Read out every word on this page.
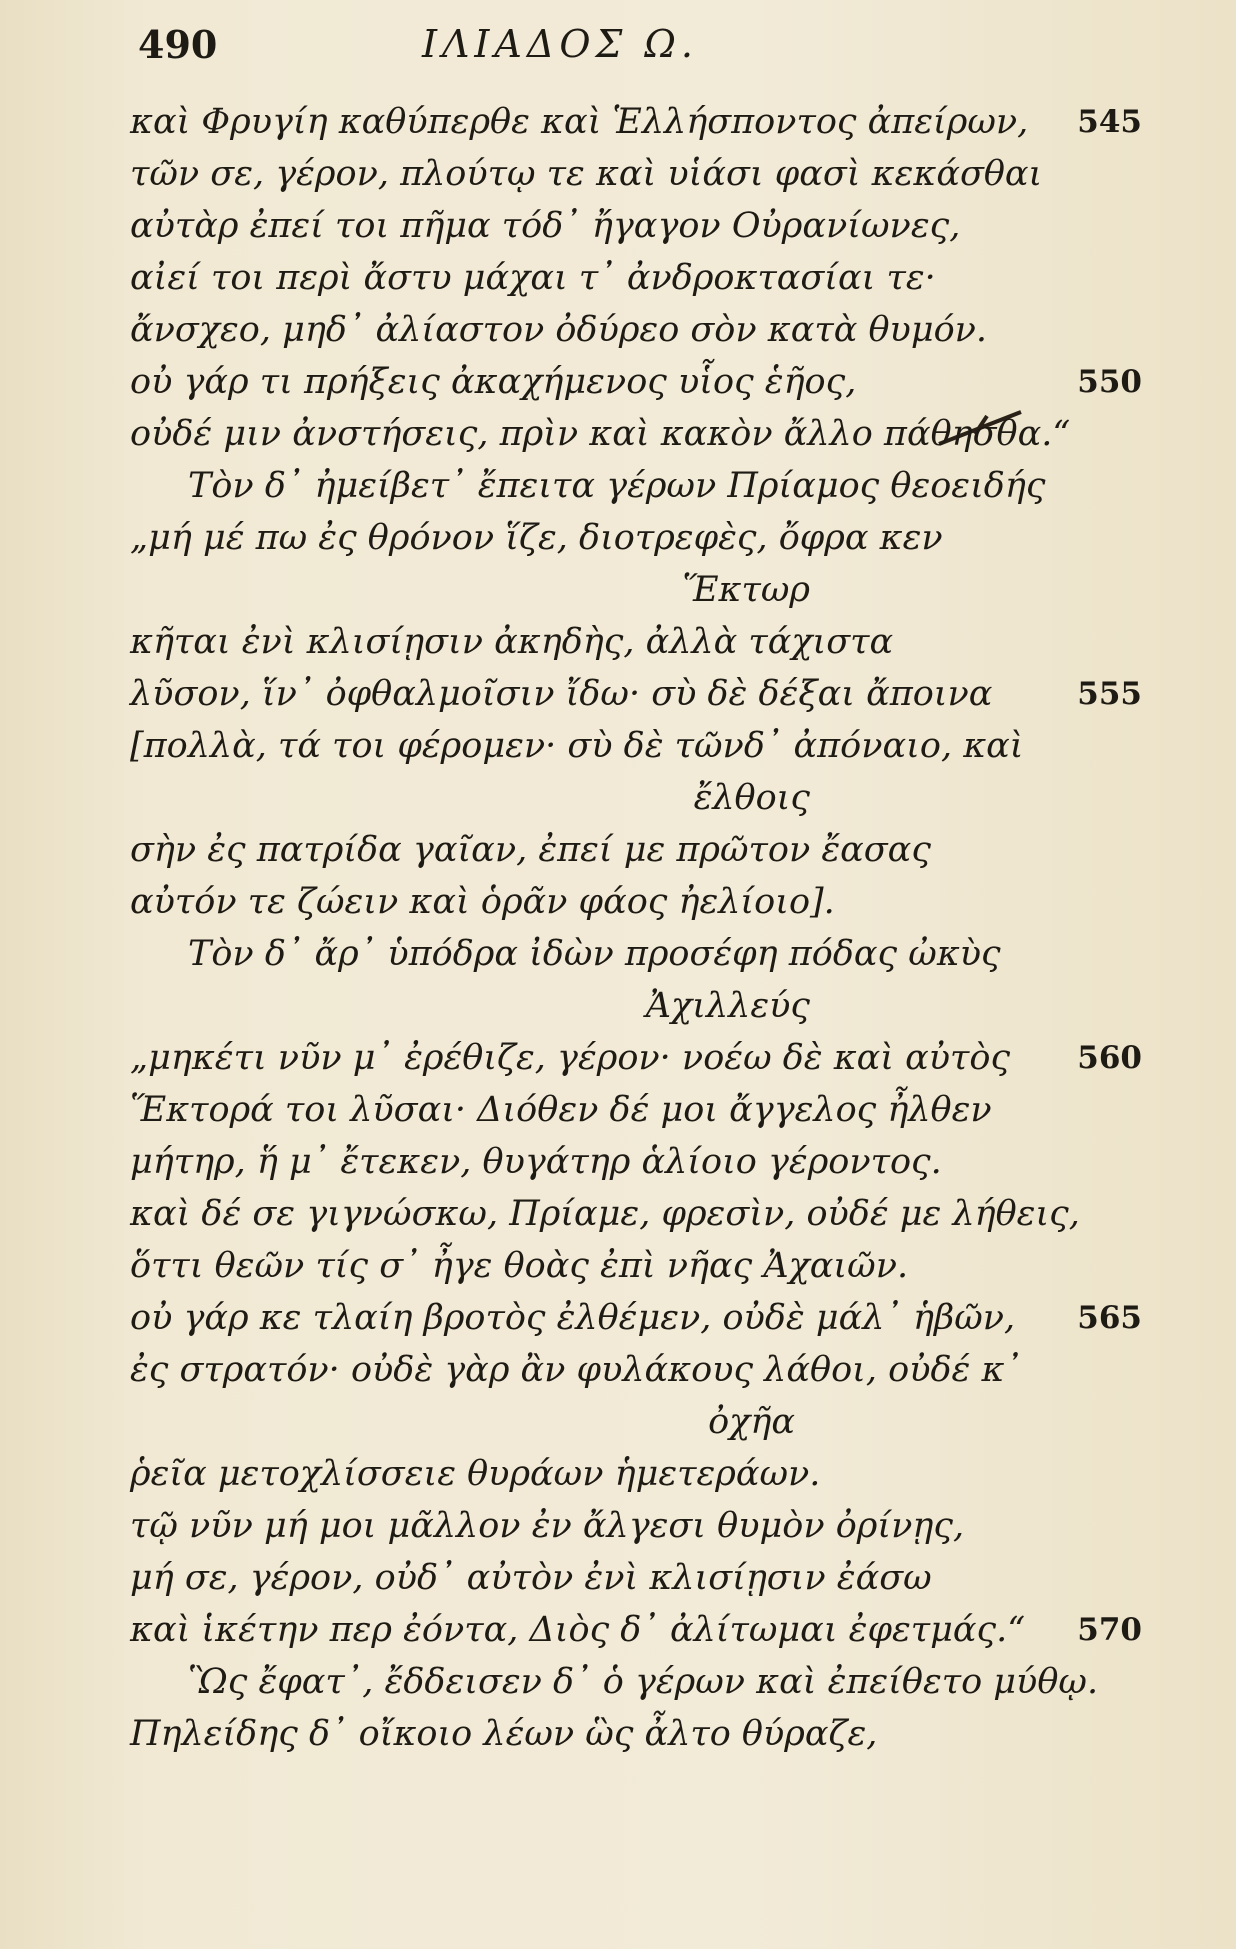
490	ΙΛΙΑΔΟΣ Ω.
καὶ Φρυγίη καθύπερθε καὶ Ἑλλήσποντος ἀπείρων, 545
τῶν σε, γέρον, πλούτῳ τε καὶ υἱάσι φασὶ κεκάσθαι
αὐτὰρ ἐπεί τοι πῆμα τόδ᾽ ἤγαγον Οὐρανίωνες,
αἰεί τοι περὶ ἄστυ μάχαι τ᾽ ἀνδροκτασίαι τε·
ἄνσχεο, μηδ᾽ ἀλίαστον ὀδύρεο σὸν κατὰ θυμόν.
οὐ γάρ τι πρήξεις ἀκαχήμενος υἷος ἑῆος,	550
οὐδέ μιν ἀνστήσεις, πρὶν καὶ κακὸν ἄλλο πάθησθα.“
Τὸν δ᾽ ἠμείβετ᾽ ἔπειτα γέρων Πρίαμος θεοειδής
„μή μέ πω ἐς θρόνον ἵζε, διοτρεφὲς, ὄφρα κεν
Ἕκτωρ
κῆται ἐνὶ κλισίῃσιν ἀκηδὴς, ἀλλὰ τάχιστα
λῦσον, ἵν᾽ ὀφθαλμοῖσιν ἴδω· σὺ δὲ δέξαι ἄποινα	555
[πολλὰ, τά τοι φέρομεν· σὺ δὲ τῶνδ᾽ ἀπόναιο, καὶ
ἔλθοις
σὴν ἐς πατρίδα γαῖαν, ἐπεί με πρῶτον ἔασας
αὐτόν τε ζώειν καὶ ὁρᾶν φάος ἠελίοιο].
Τὸν δ᾽ ἄρ᾽ ὑπόδρα ἰδὼν προσέφη πόδας ὠκὺς
Ἀχιλλεύς
„μηκέτι νῦν μ᾽ ἐρέθιζε, γέρον· νοέω δὲ καὶ αὐτὸς 560
Ἕκτορά τοι λῦσαι· Διόθεν δέ μοι ἄγγελος ἦλθεν
μήτηρ, ἥ μ᾽ ἔτεκεν, θυγάτηρ ἁλίοιο γέροντος.
καὶ δέ σε γιγνώσκω, Πρίαμε, φρεσὶν, οὐδέ με λήθεις,
ὅττι θεῶν τίς σ᾽ ἦγε θοὰς ἐπὶ νῆας Ἀχαιῶν.
οὐ γάρ κε τλαίη βροτὸς ἐλθέμεν, οὐδὲ μάλ᾽ ἡβῶν, 565
ἐς στρατόν· οὐδὲ γὰρ ἂν φυλάκους λάθοι, οὐδέ κ᾽
ὀχῆα
ῥεῖα μετοχλίσσειε θυράων ἡμετεράων.
τῷ νῦν μή μοι μᾶλλον ἐν ἄλγεσι θυμὸν ὀρίνῃς,
μή σε, γέρον, οὐδ᾽ αὐτὸν ἐνὶ κλισίῃσιν ἐάσω
καὶ ἱκέτην περ ἐόντα, Διὸς δ᾽ ἀλίτωμαι ἐφετμάς.“ 570
Ὣς ἔφατ᾽, ἔδδεισεν δ᾽ ὁ γέρων καὶ ἐπείθετο μύθῳ.
Πηλείδης δ᾽ οἴκοιο λέων ὣς ἆλτο θύραζε,
